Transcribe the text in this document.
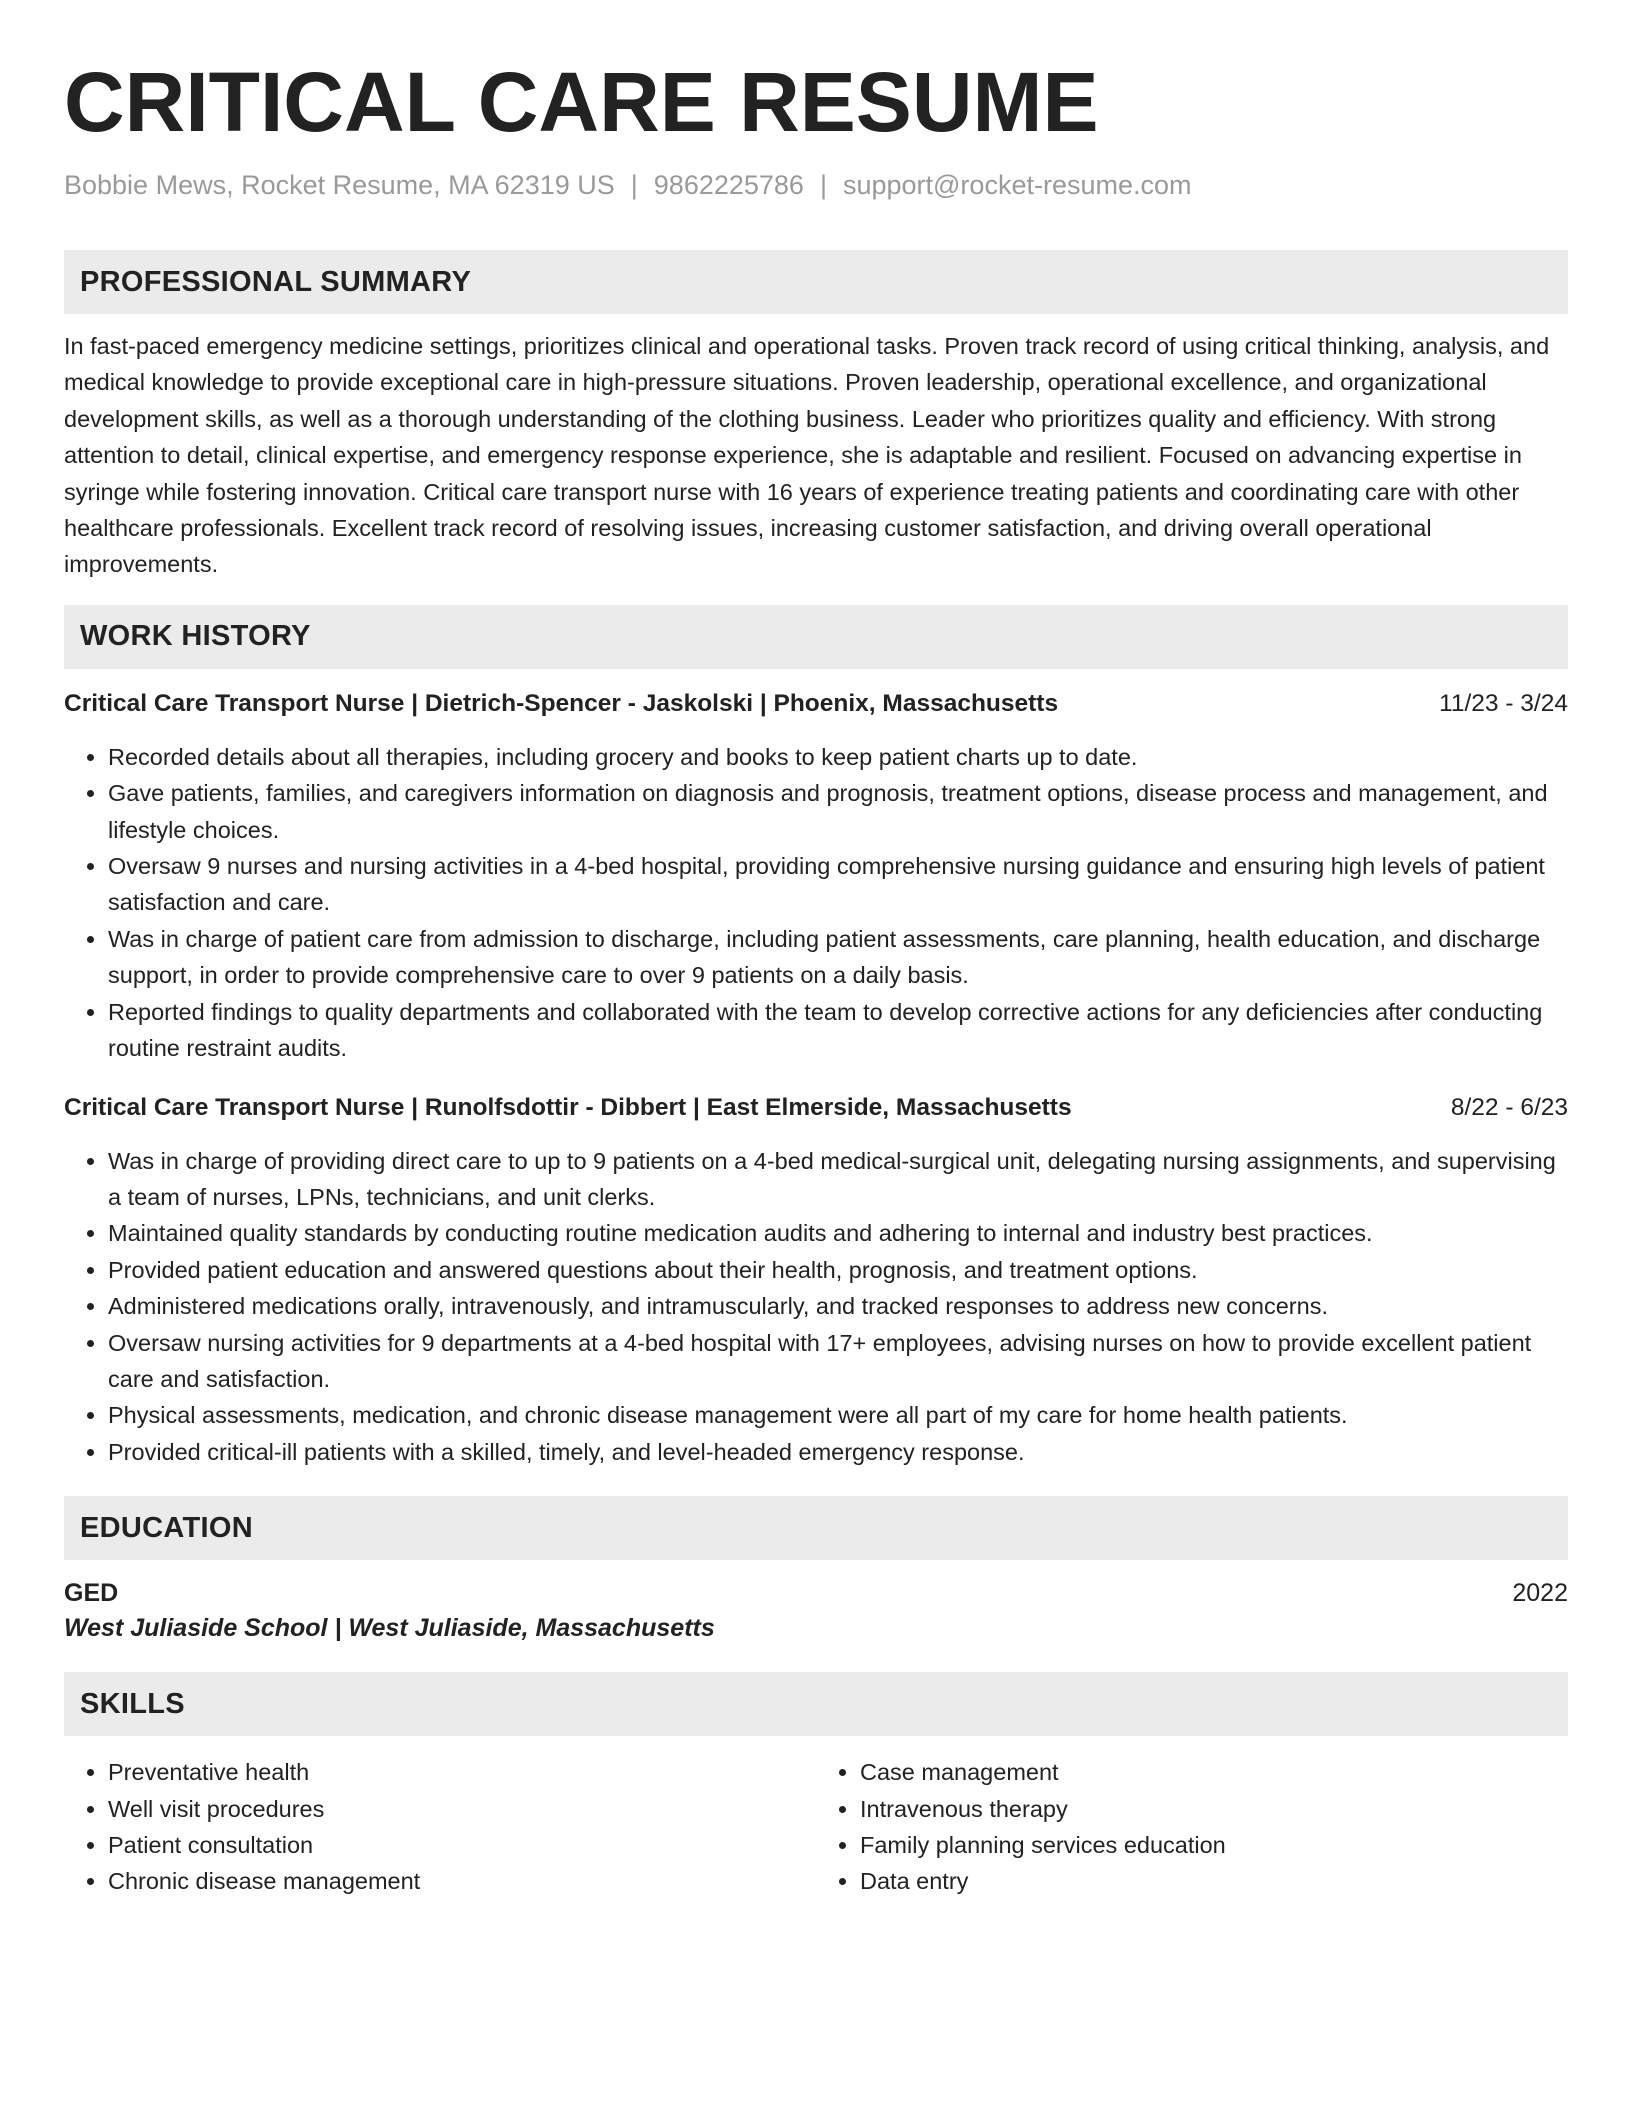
CRITICAL CARE RESUME
Bobbie Mews, Rocket Resume, MA 62319 US | 9862225786 | support@rocket-resume.com
PROFESSIONAL SUMMARY

In fast-paced emergency medicine settings, prioritizes clinical and operational tasks. Proven track record of using critical thinking, analysis, and medical knowledge to provide exceptional care in high-pressure situations. Proven leadership, operational excellence, and organizational development skills, as well as a thorough understanding of the clothing business. Leader who prioritizes quality and efficiency. With strong attention to detail, clinical expertise, and emergency response experience, she is adaptable and resilient. Focused on advancing expertise in syringe while fostering innovation. Critical care transport nurse with 16 years of experience treating patients and coordinating care with other healthcare professionals. Excellent track record of resolving issues, increasing customer satisfaction, and driving overall operational improvements.

WORK HISTORY
Critical Care Transport Nurse | Dietrich-Spencer - Jaskolski | Phoenix, Massachusetts	11/23 - 3/24
• Recorded details about all therapies, including grocery and books to keep patient charts up to date.
• Gave patients, families, and caregivers information on diagnosis and prognosis, treatment options, disease process and management, and lifestyle choices.
• Oversaw 9 nurses and nursing activities in a 4-bed hospital, providing comprehensive nursing guidance and ensuring high levels of patient satisfaction and care.
• Was in charge of patient care from admission to discharge, including patient assessments, care planning, health education, and discharge support, in order to provide comprehensive care to over 9 patients on a daily basis.
• Reported findings to quality departments and collaborated with the team to develop corrective actions for any deficiencies after conducting routine restraint audits.
Critical Care Transport Nurse | Runolfsdottir - Dibbert | East Elmerside, Massachusetts	8/22 - 6/23
• Was in charge of providing direct care to up to 9 patients on a 4-bed medical-surgical unit, delegating nursing assignments, and supervising a team of nurses, LPNs, technicians, and unit clerks.
• Maintained quality standards by conducting routine medication audits and adhering to internal and industry best practices.
• Provided patient education and answered questions about their health, prognosis, and treatment options.
• Administered medications orally, intravenously, and intramuscularly, and tracked responses to address new concerns.
• Oversaw nursing activities for 9 departments at a 4-bed hospital with 17+ employees, advising nurses on how to provide excellent patient care and satisfaction.
• Physical assessments, medication, and chronic disease management were all part of my care for home health patients.
• Provided critical-ill patients with a skilled, timely, and level-headed emergency response.
EDUCATION
GED	2022
West Juliaside School | West Juliaside, Massachusetts
SKILLS
• Preventative health
• Well visit procedures
• Patient consultation
• Chronic disease management
• Case management
• Intravenous therapy
• Family planning services education
• Data entry
